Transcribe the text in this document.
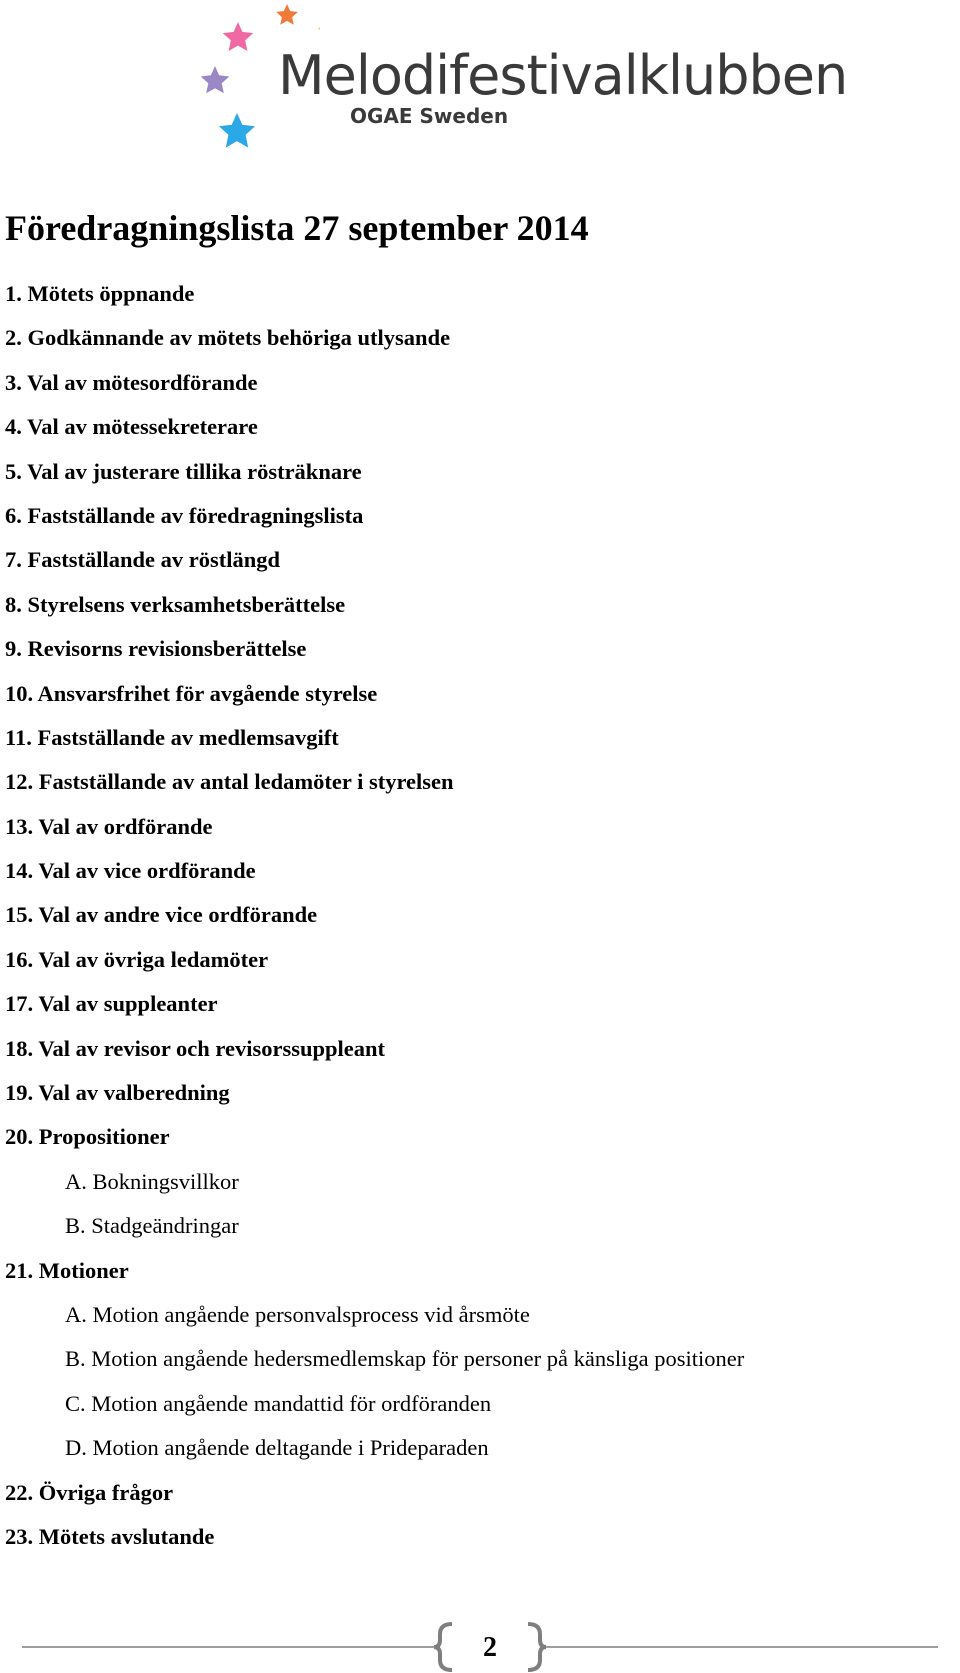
Melodifestivalklubben
OGAE Sweden
Föredragningslista 27 september 2014
1. Mötets öppnande
2. Godkännande av mötets behöriga utlysande
3. Val av mötesordförande
4. Val av mötessekreterare
5. Val av justerare tillika rösträknare
6. Fastställande av föredragningslista
7. Fastställande av röstlängd
8. Styrelsens verksamhetsberättelse
9. Revisorns revisionsberättelse
10. Ansvarsfrihet för avgående styrelse
11. Fastställande av medlemsavgift
12. Fastställande av antal ledamöter i styrelsen
13. Val av ordförande
14. Val av vice ordförande
15. Val av andre vice ordförande
16. Val av övriga ledamöter
17. Val av suppleanter
18. Val av revisor och revisorssuppleant
19. Val av valberedning
20. Propositioner
A. Bokningsvillkor
B. Stadgeändringar
21. Motioner
A. Motion angående personvalsprocess vid årsmöte
B. Motion angående hedersmedlemskap för personer på känsliga positioner
C. Motion angående mandattid för ordföranden
D. Motion angående deltagande i Prideparaden
22. Övriga frågor
23. Mötets avslutande
2
